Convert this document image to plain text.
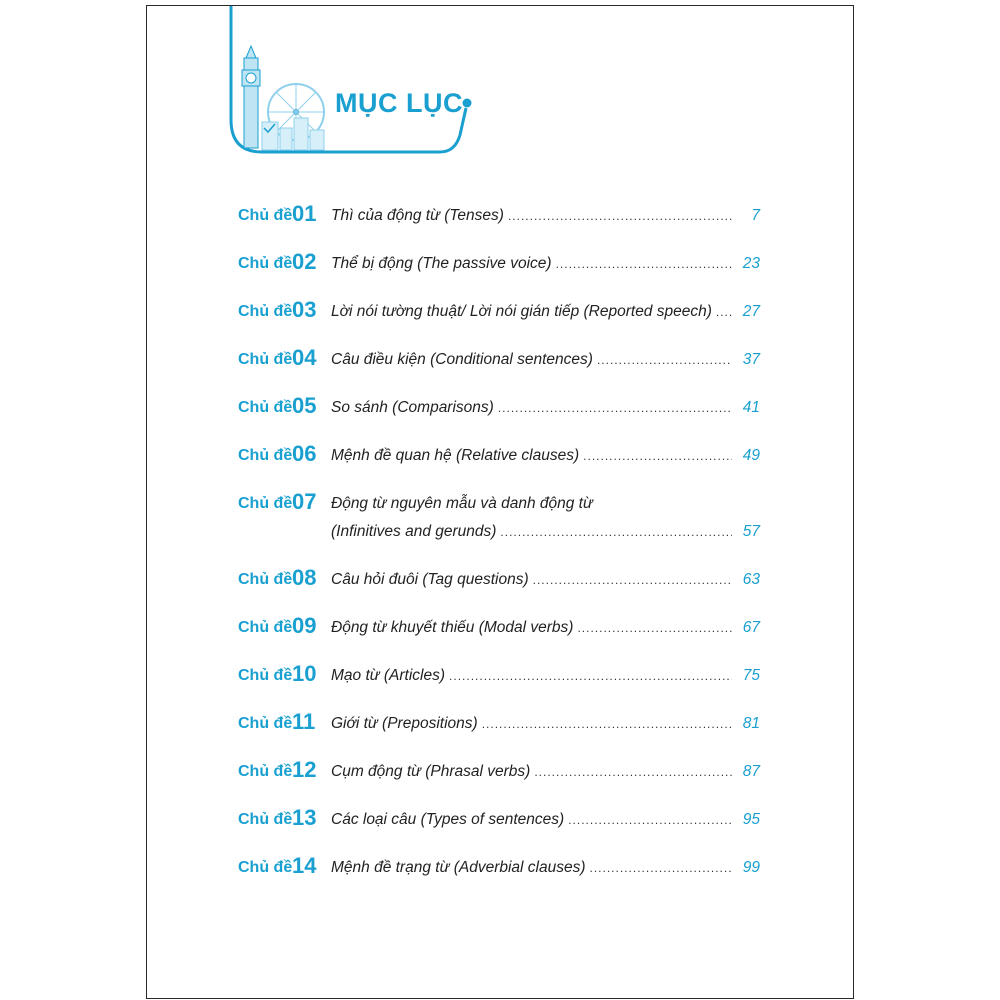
MỤC LỤC
Chủ đề 01 Thì của động từ (Tenses) .....	7
Chủ đề 02 Thể bị động (The passive voice) .....	23
Chủ đề 03 Lời nói tường thuật/ Lời nói gián tiếp (Reported speech) .....	27
Chủ đề 04 Câu điều kiện (Conditional sentences) .....	37
Chủ đề 05 So sánh (Comparisons) .....	41
Chủ đề 06 Mệnh đề quan hệ (Relative clauses) .....	49
Chủ đề 07 Động từ nguyên mẫu và danh động từ
(Infinitives and gerunds) .....	57
Chủ đề 08 Câu hỏi đuôi (Tag questions) .....	63
Chủ đề 09 Động từ khuyết thiếu (Modal verbs) .....	67
Chủ đề 10 Mạo từ (Articles) .....	75
Chủ đề 11 Giới từ (Prepositions) .....	81
Chủ đề 12 Cụm động từ (Phrasal verbs) .....	87
Chủ đề 13 Các loại câu (Types of sentences) .....	95
Chủ đề 14 Mệnh đề trạng từ (Adverbial clauses) .....	99
